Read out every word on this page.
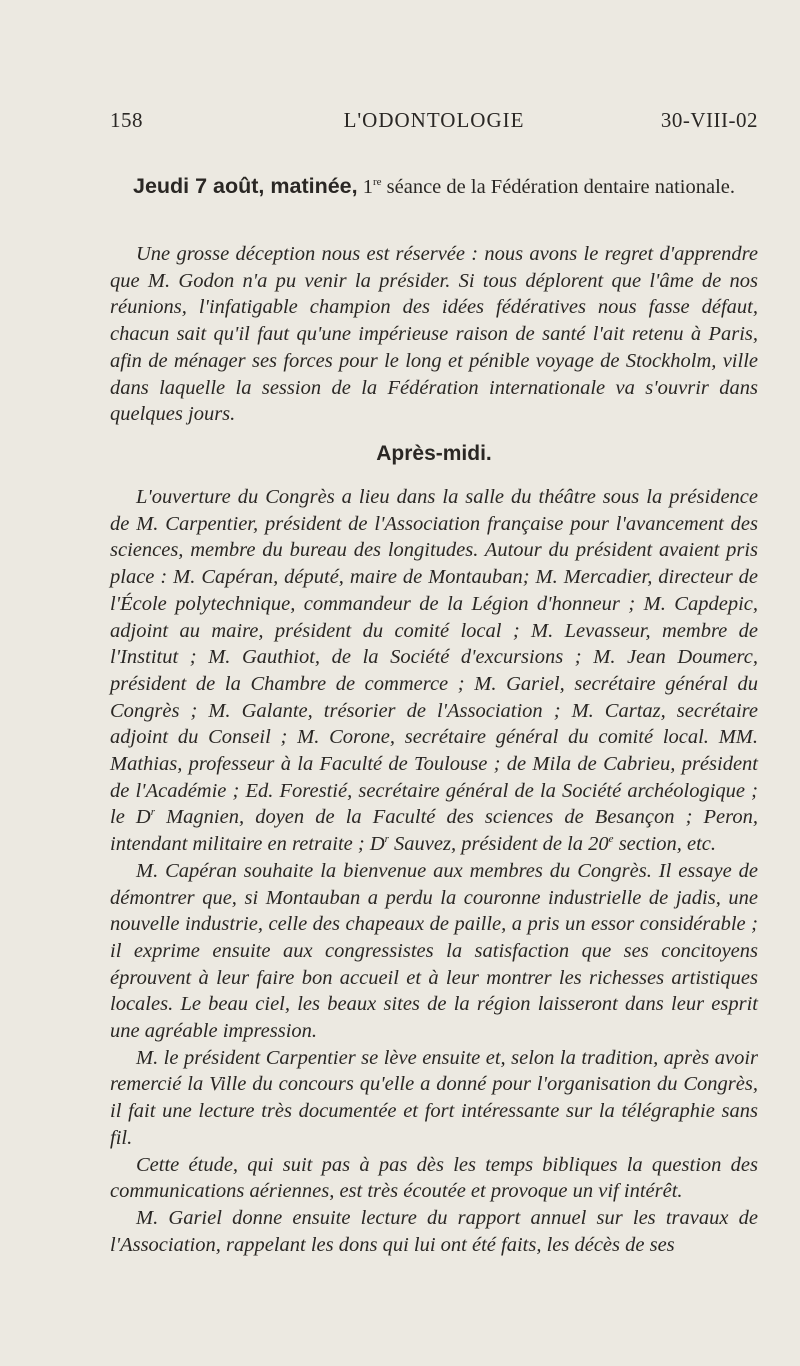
158	L'ODONTOLOGIE	30-VIII-02
Jeudi 7 août, matinée, 1re séance de la Fédération dentaire nationale.

Une grosse déception nous est réservée : nous avons le regret d'apprendre que M. Godon n'a pu venir la présider. Si tous déplorent que l'âme de nos réunions, l'infatigable champion des idées fédératives nous fasse défaut, chacun sait qu'il faut qu'une impérieuse raison de santé l'ait retenu à Paris, afin de ménager ses forces pour le long et pénible voyage de Stockholm, ville dans laquelle la session de la Fédération internationale va s'ouvrir dans quelques jours.

Après-midi.

L'ouverture du Congrès a lieu dans la salle du théâtre sous la présidence de M. Carpentier, président de l'Association française pour l'avancement des sciences, membre du bureau des longitudes. Autour du président avaient pris place : M. Capéran, député, maire de Montauban; M. Mercadier, directeur de l'École polytechnique, commandeur de la Légion d'honneur ; M. Capdepic, adjoint au maire, président du comité local ; M. Levasseur, membre de l'Institut ; M. Gauthiot, de la Société d'excursions ; M. Jean Doumerc, président de la Chambre de commerce ; M. Gariel, secrétaire général du Congrès ; M. Galante, trésorier de l'Association ; M. Cartaz, secrétaire adjoint du Conseil ; M. Corone, secrétaire général du comité local. MM. Mathias, professeur à la Faculté de Toulouse ; de Mila de Cabrieu, président de l'Académie ; Ed. Forestié, secrétaire général de la Société archéologique ; le $D^r$ Magnien, doyen de la Faculté des sciences de Besançon ; Peron, intendant militaire en retraite ; $D^r$ Sauvez, président de la 20e section, etc.

M. Capéran souhaite la bienvenue aux membres du Congrès. Il essaye de démontrer que, si Montauban a perdu la couronne industrielle de jadis, une nouvelle industrie, celle des chapeaux de paille, a pris un essor considérable ; il exprime ensuite aux congressistes la satisfaction que ses concitoyens éprouvent à leur faire bon accueil et à leur montrer les richesses artistiques locales. Le beau ciel, les beaux sites de la région laisseront dans leur esprit une agréable impression.

M. le président Carpentier se lève ensuite et, selon la tradition, après avoir remercié la Ville du concours qu'elle a donné pour l'organisation du Congrès, il fait une lecture très documentée et fort intéressante sur la télégraphie sans fil.

Cette étude, qui suit pas à pas dès les temps bibliques la question des communications aériennes, est très écoutée et provoque un vif intérêt.

M. Gariel donne ensuite lecture du rapport annuel sur les travaux de l'Association, rappelant les dons qui lui ont été faits, les décès de ses
